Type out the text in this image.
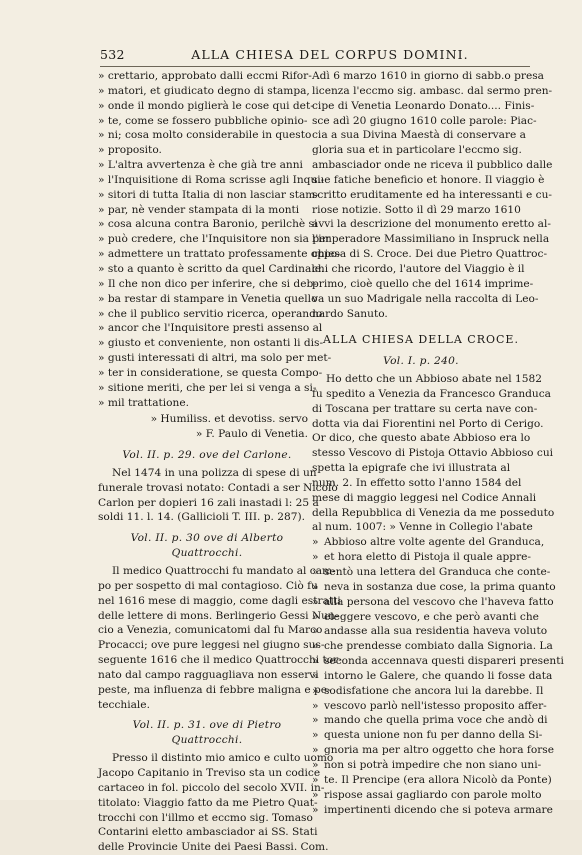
532	ALLA CHIESA DEL CORPUS DOMINI.
» crettario, approbato dalli eccmi Rifor-
» matori, et giudicato degno di stampa,
» onde il mondo piglierà le cose qui det-
» te, come se fossero pubbliche opinio-
» ni; cosa molto considerabile in questo
» proposito.
» L'altra avvertenza è che già tre anni
» l'Inquisitione di Roma scrisse agli Inqui-
» sitori di tutta Italia di non lasciar stam-
» par, nè vender stampata di la monti
» cosa alcuna contra Baronio, perilchè si
» può credere, che l'Inquisitore non sia per
» admettere un trattato professamente oppo-
» sto a quanto è scritto da quel Cardinale.
» Il che non dico per inferire, che si deb-
» ba restar di stampare in Venetia quello
» che il publico servitio ricerca, operando
» ancor che l'Inquisitore presti assenso al
» giusto et conveniente, non ostanti li dis-
» gusti interessati di altri, ma solo per met-
» ter in consideratione, se questa Compo-
» sitione meriti, che per lei si venga a si-
» mil trattatione.
» Humiliss. et devotiss. servo
» F. Paulo di Venetia.
Vol. II. p. 29. ove del Carlone.
Nel 1474 in una polizza di spese di un
funerale trovasi notato: Contadi a ser Nicolò
Carlon per dopieri 16 zali inastadi l: 25 a
soldi 11. l. 14. (Gallicioli T. III. p. 287).
Vol. II. p. 30 ove di Alberto Quattrocchi.
Il medico Quattrocchi fu mandato al cam-
po per sospetto di mal contagioso. Ciò fu
nel 1616 mese di maggio, come dagli estratti
delle lettere di mons. Berlingerio Gessi Nun-
cio a Venezia, comunicatomi dal fu Marco
Procacci; ove pure leggesi nel giugno sus-
seguente 1616 che il medico Quattrocchi tor-
nato dal campo ragguagliava non esservi
peste, ma influenza di febbre maligna e pe-
tecchiale.
Vol. II. p. 31. ove di Pietro Quattrocchi.
Presso il distinto mio amico e culto uomo
Jacopo Capitanio in Treviso sta un codice
cartaceo in fol. piccolo del secolo XVII. in-
titolato: Viaggio fatto da me Pietro Quat-
trocchi con l'illmo et eccmo sig. Tomaso
Contarini eletto ambasciador ai SS. Stati
delle Provincie Unite dei Paesi Bassi. Com.
Adì 6 marzo 1610 in giorno di sabb.o presa
licenza l'eccmo sig. ambasc. dal sermo pren-
cipe di Venetia Leonardo Donato.... Finis-
sce adì 20 giugno 1610 colle parole: Piac-
cia a sua Divina Maestà di conservare a
gloria sua et in particolare l'eccmo sig.
ambasciador onde ne riceva il pubblico dalle
sue fatiche beneficio et honore. Il viaggio è
scritto eruditamente ed ha interessanti e cu-
riose notizie. Sotto il dì 29 marzo 1610
avvi la descrizione del monumento eretto al-
l'imperadore Massimiliano in Inspruck nella
chiesa di S. Croce. Dei due Pietro Quattroc-
chi che ricordo, l'autore del Viaggio è il
primo, cioè quello che del 1614 imprime-
va un suo Madrigale nella raccolta di Leo-
nardo Sanuto.
ALLA CHIESA DELLA CROCE.
Vol. I. p. 240.
Ho detto che un Abbioso abate nel 1582
fu spedito a Venezia da Francesco Granduca
di Toscana per trattare su certa nave con-
dotta via dai Fiorentini nel Porto di Cerigo.
Or dico, che questo abate Abbioso era lo
stesso Vescovo di Pistoja Ottavio Abbioso cui
spetta la epigrafe che ivi illustrata al
num. 2. In effetto sotto l'anno 1584 del
mese di maggio leggesi nel Codice Annali
della Repubblica di Venezia da me posseduto
al num. 1007: » Venne in Collegio l'abate
» Abbioso altre volte agente del Granduca,
» et hora eletto di Pistoja il quale appre-
» sentò una lettera del Granduca che conte-
» neva in sostanza due cose, la prima quanto
» alla persona del vescovo che l'haveva fatto
» eleggere vescovo, e che però avanti che
» andasse alla sua residentia haveva voluto
» che prendesse combiato dalla Signoria. La
» seconda accennava questi dispareri presenti
» intorno le Galere, che quando li fosse data
» sodisfatione che ancora lui la darebbe. Il
» vescovo parlò nell'istesso proposito affer-
» mando che quella prima voce che andò di
» questa unione non fu per danno della Si-
» gnoria ma per altro oggetto che hora forse
» non si potrà impedire che non siano uni-
» te. Il Prencipe (era allora Nicolò da Ponte)
» rispose assai gagliardo con parole molto
» impertinenti dicendo che si poteva armare
